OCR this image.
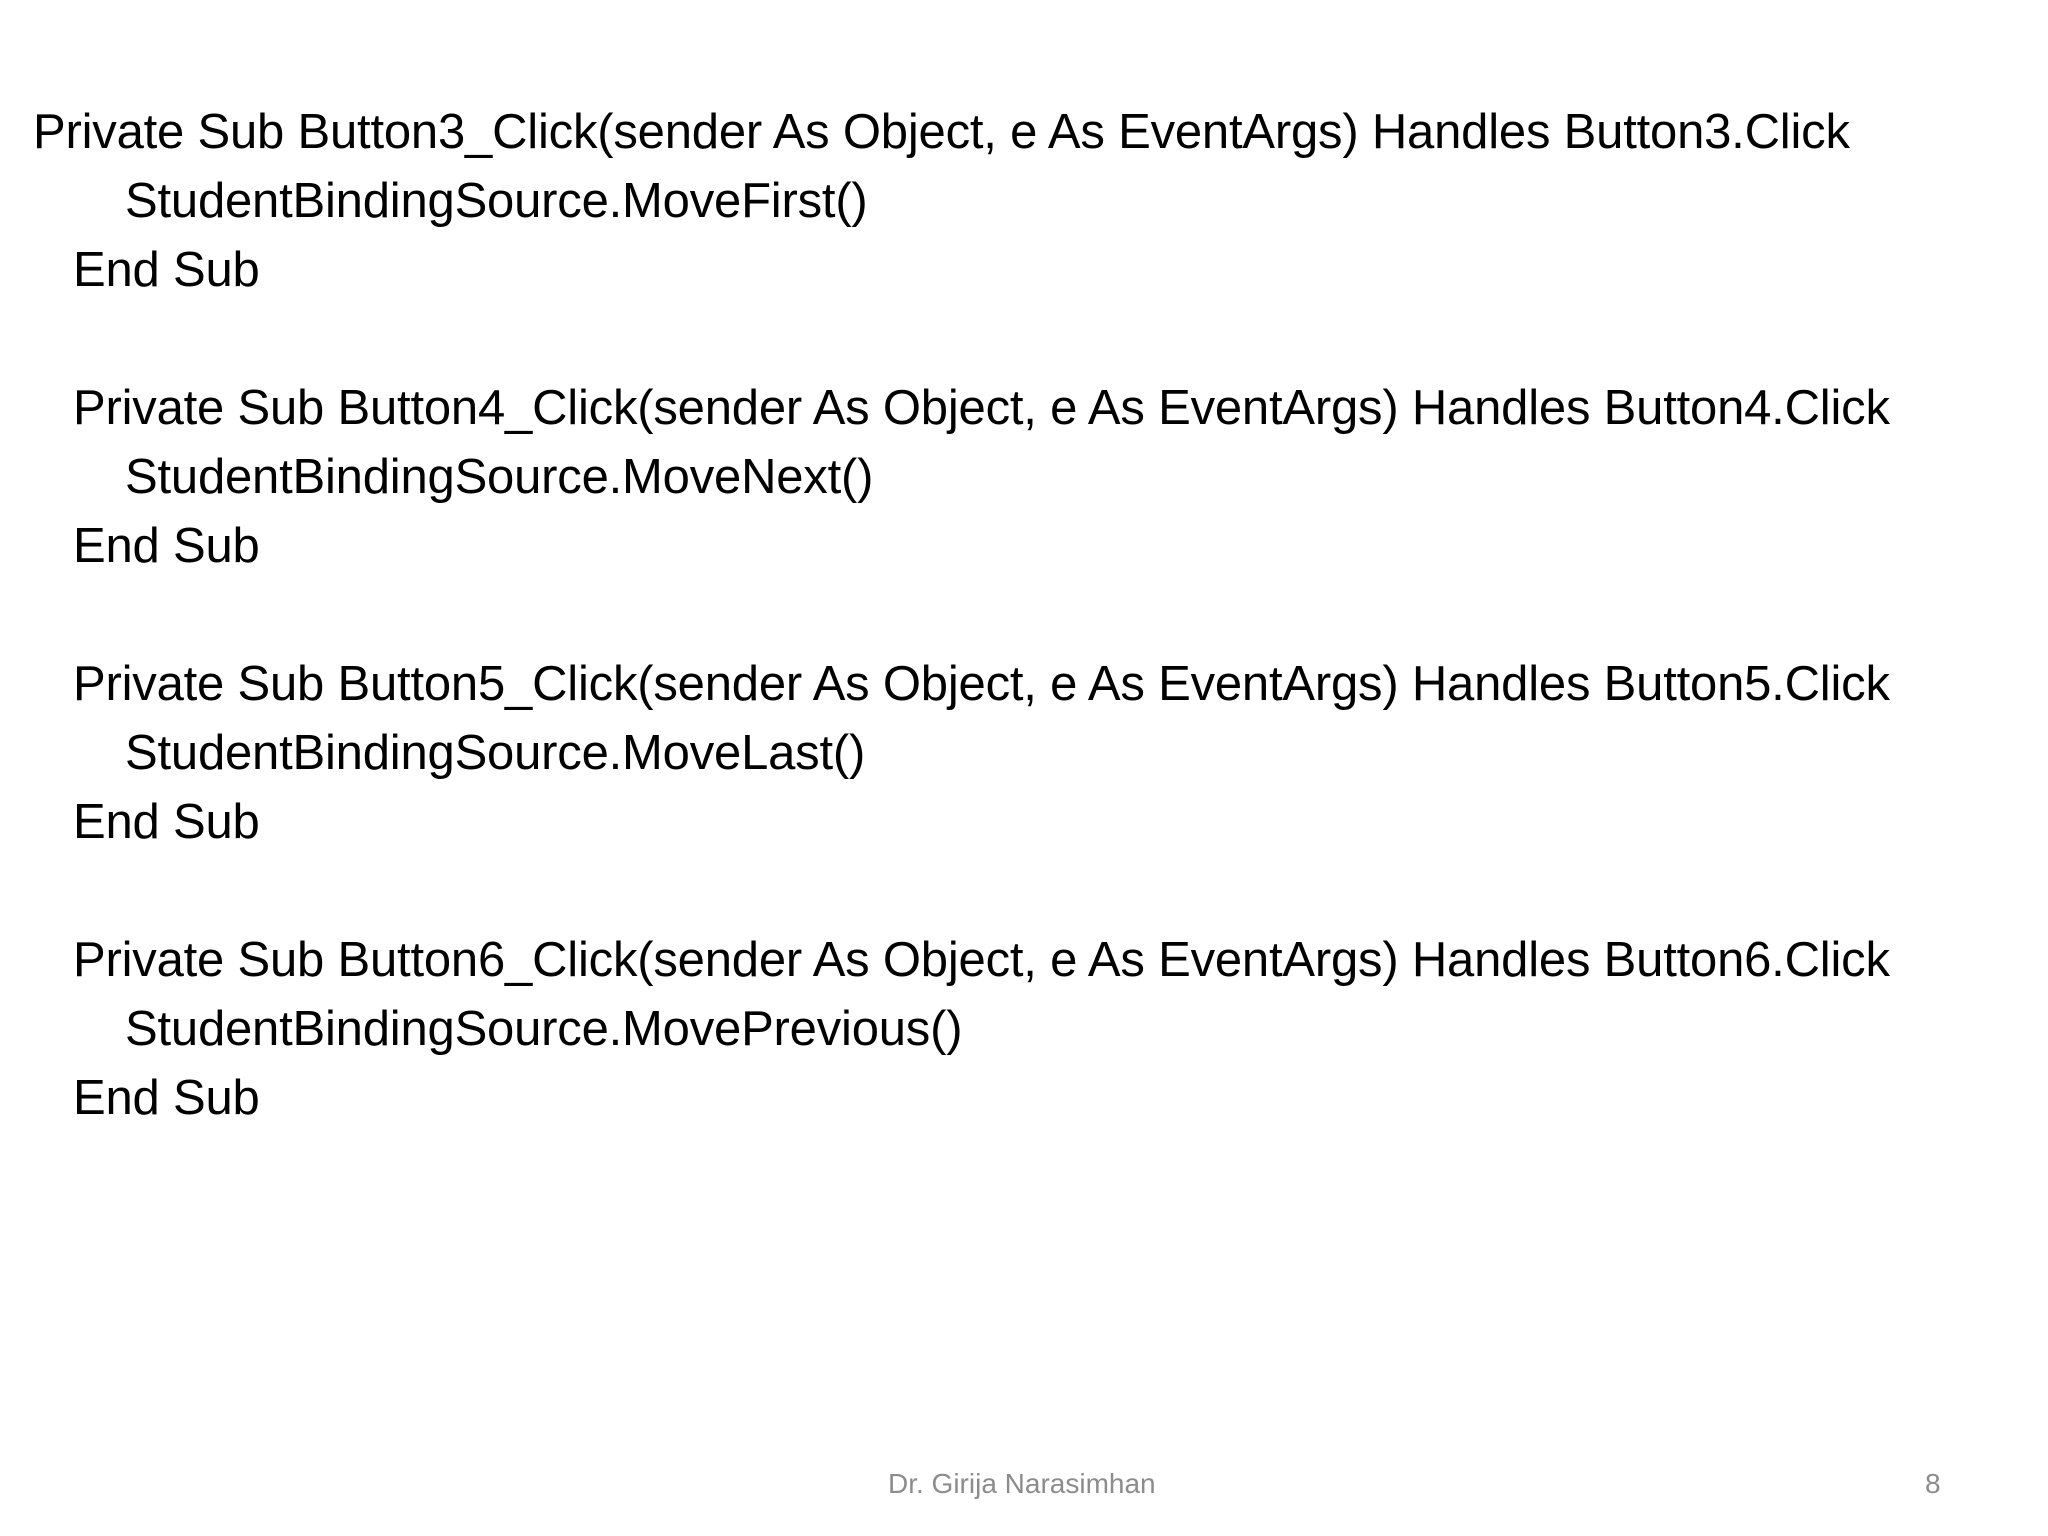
Private Sub Button3_Click(sender As Object, e As EventArgs) Handles Button3.Click
StudentBindingSource.MoveFirst()
End Sub
Private Sub Button4_Click(sender As Object, e As EventArgs) Handles Button4.Click
StudentBindingSource.MoveNext()
End Sub
Private Sub Button5_Click(sender As Object, e As EventArgs) Handles Button5.Click
StudentBindingSource.MoveLast()
End Sub
Private Sub Button6_Click(sender As Object, e As EventArgs) Handles Button6.Click
StudentBindingSource.MovePrevious()
End Sub
Dr. Girija Narasimhan	8
